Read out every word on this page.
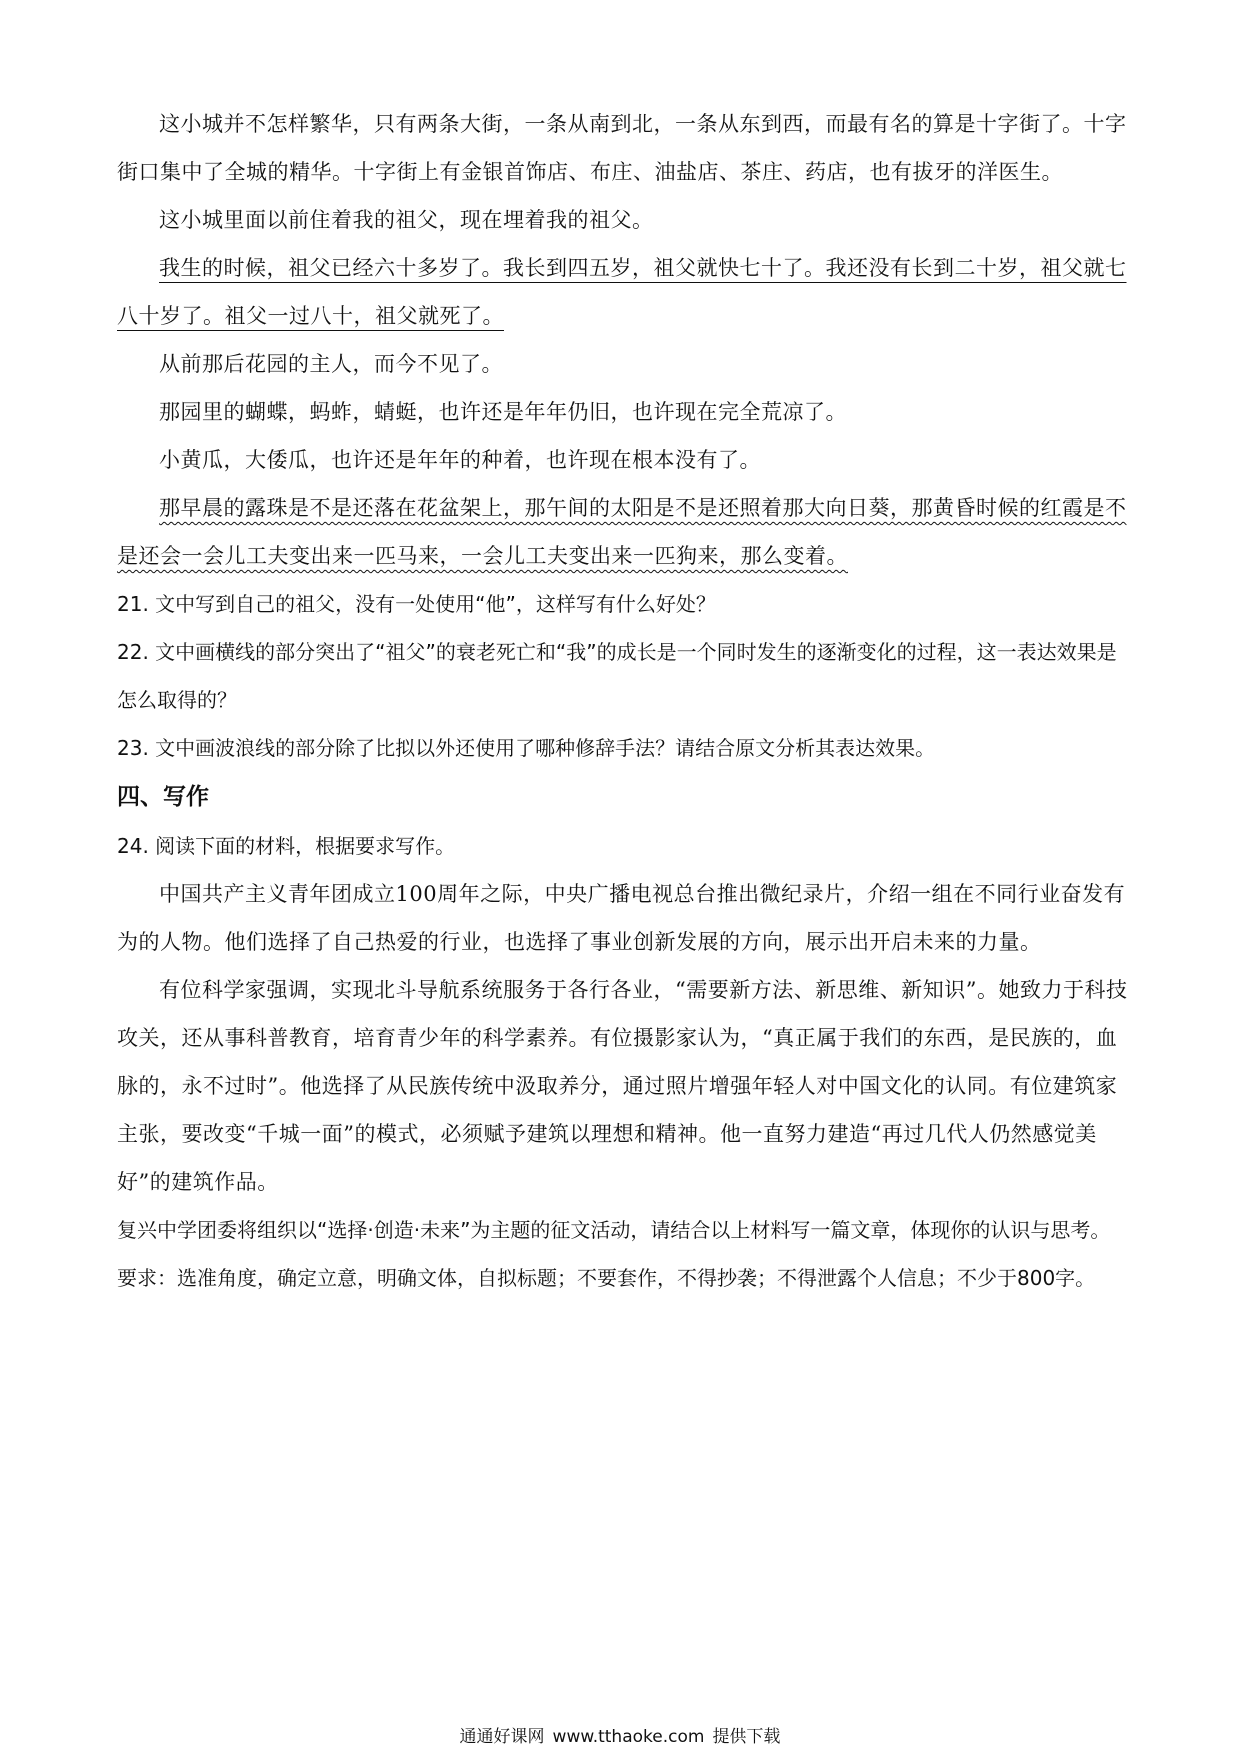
这小城并不怎样繁华，只有两条大街，一条从南到北，一条从东到西，而最有名的算是十字街了。十字街口集中了全城的精华。十字街上有金银首饰店、布庄、油盐店、茶庄、药店，也有拔牙的洋医生。

这小城里面以前住着我的祖父，现在埋着我的祖父。

我生的时候，祖父已经六十多岁了。我长到四五岁，祖父就快七十了。我还没有长到二十岁，祖父就七八十岁了。祖父一过八十，祖父就死了。

从前那后花园的主人，而今不见了。

那园里的蝴蝶，蚂蚱，蜻蜓，也许还是年年仍旧，也许现在完全荒凉了。

小黄瓜，大倭瓜，也许还是年年的种着，也许现在根本没有了。

那早晨的露珠是不是还落在花盆架上，那午间的太阳是不是还照着那大向日葵，那黄昏时候的红霞是不是还会一会儿工夫变出来一匹马来，一会儿工夫变出来一匹狗来，那么变着。

21. 文中写到自己的祖父，没有一处使用“他”，这样写有什么好处？

22. 文中画横线的部分突出了“祖父”的衰老死亡和“我”的成长是一个同时发生的逐渐变化的过程，这一表达效果是怎么取得的？

23. 文中画波浪线的部分除了比拟以外还使用了哪种修辞手法？请结合原文分析其表达效果。

四、写作

24. 阅读下面的材料，根据要求写作。

中国共产主义青年团成立100周年之际，中央广播电视总台推出微纪录片，介绍一组在不同行业奋发有为的人物。他们选择了自己热爱的行业，也选择了事业创新发展的方向，展示出开启未来的力量。

有位科学家强调，实现北斗导航系统服务于各行各业，“需要新方法、新思维、新知识”。她致力于科技攻关，还从事科普教育，培育青少年的科学素养。有位摄影家认为，“真正属于我们的东西，是民族的，血脉的，永不过时”。他选择了从民族传统中汲取养分，通过照片增强年轻人对中国文化的认同。有位建筑家主张，要改变“千城一面”的模式，必须赋予建筑以理想和精神。他一直努力建造“再过几代人仍然感觉美好”的建筑作品。

复兴中学团委将组织以“选择·创造·未来”为主题的征文活动，请结合以上材料写一篇文章，体现你的认识与思考。

要求：选准角度，确定立意，明确文体，自拟标题；不要套作，不得抄袭；不得泄露个人信息；不少于800字。

通通好课网 www.tthaoke.com 提供下载
